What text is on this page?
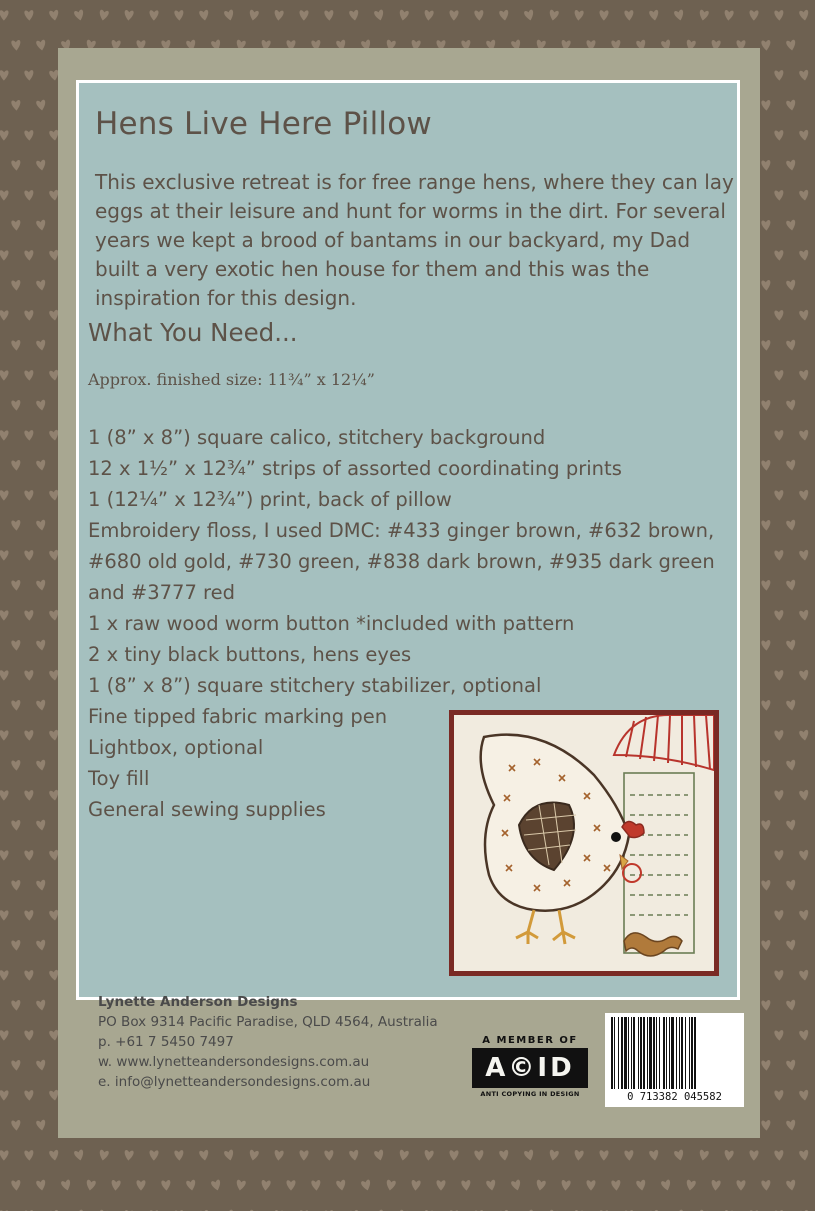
Hens Live Here Pillow

This exclusive retreat is for free range hens, where they can lay eggs at their leisure and hunt for worms in the dirt. For several years we kept a brood of bantams in our backyard, my Dad built a very exotic hen house for them and this was the inspiration for this design.

What You Need...

Approx. finished size: 11¾” x 12¼”

1 (8” x 8”) square calico, stitchery background
12 x 1½” x 12¾” strips of assorted coordinating prints
1 (12¼” x 12¾”) print, back of pillow
Embroidery floss, I used DMC: #433 ginger brown, #632 brown, #680 old gold, #730 green, #838 dark brown, #935 dark green and #3777 red
1 x raw wood worm button *included with pattern
2 x tiny black buttons, hens eyes
1 (8” x 8”) square stitchery stabilizer, optional
Fine tipped fabric marking pen
Lightbox, optional
Toy fill
General sewing supplies
Lynette Anderson Designs
PO Box 9314 Pacific Paradise, QLD 4564, Australia
p. +61 7 5450 7497
w. www.lynetteandersondesigns.com.au
e. info@lynetteandersondesigns.com.au
A MEMBER OF
A©ID
ANTI COPYING IN DESIGN	0 713382 045582
